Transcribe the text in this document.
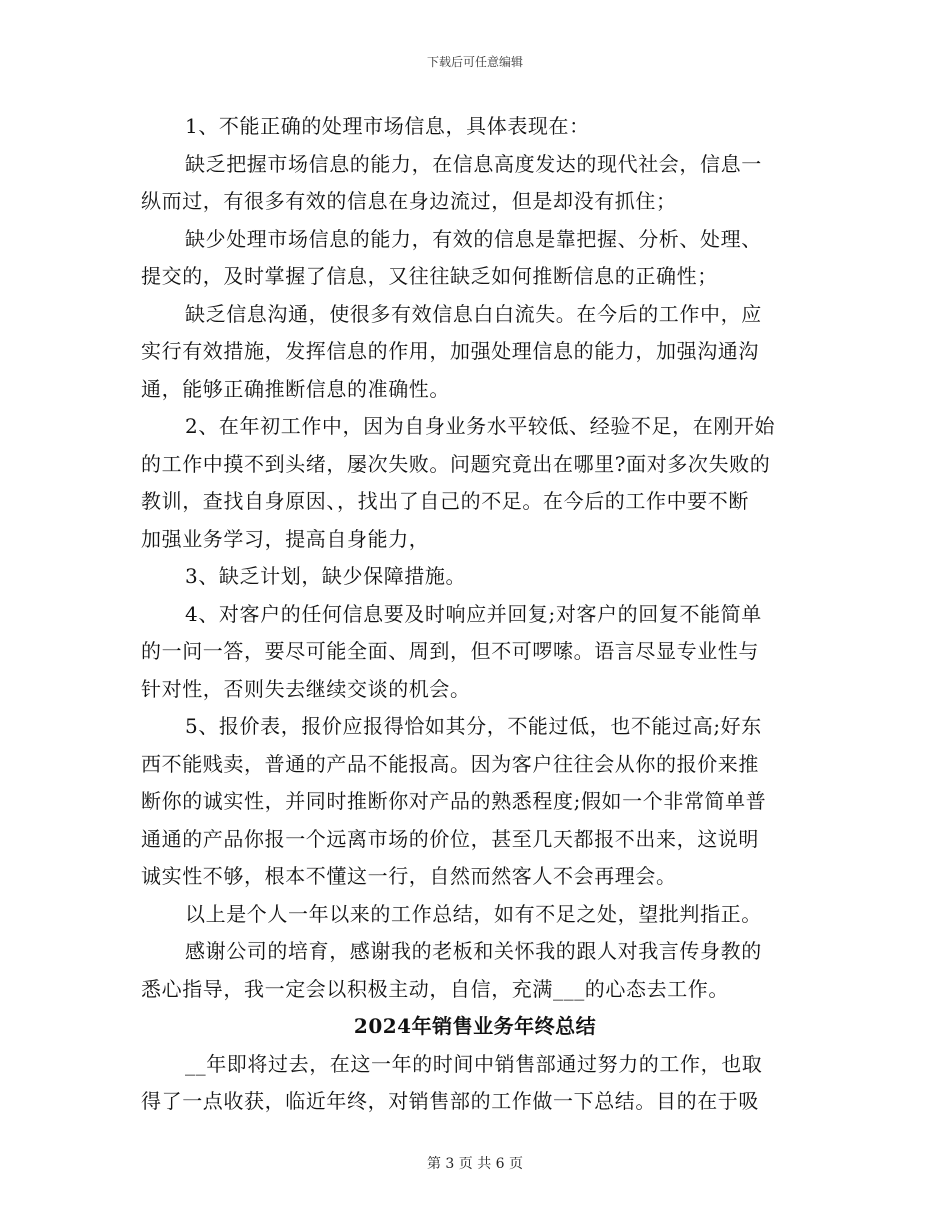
下载后可任意编辑
1、不能正确的处理市场信息，具体表现在：
缺乏把握市场信息的能力，在信息高度发达的现代社会，信息一
纵而过，有很多有效的信息在身边流过，但是却没有抓住；
缺少处理市场信息的能力，有效的信息是靠把握、分析、处理、
提交的，及时掌握了信息，又往往缺乏如何推断信息的正确性；
缺乏信息沟通，使很多有效信息白白流失。在今后的工作中，应
实行有效措施，发挥信息的作用，加强处理信息的能力，加强沟通沟
通，能够正确推断信息的准确性。
2、在年初工作中，因为自身业务水平较低、经验不足，在刚开始
的工作中摸不到头绪，屡次失败。问题究竟出在哪里?面对多次失败的
教训，查找自身原因、，找出了自己的不足。在今后的工作中要不断
加强业务学习，提高自身能力，
3、缺乏计划，缺少保障措施。
4、对客户的任何信息要及时响应并回复;对客户的回复不能简单
的一问一答，要尽可能全面、周到，但不可啰嗦。语言尽显专业性与
针对性，否则失去继续交谈的机会。
5、报价表，报价应报得恰如其分，不能过低，也不能过高;好东
西不能贱卖，普通的产品不能报高。因为客户往往会从你的报价来推
断你的诚实性，并同时推断你对产品的熟悉程度;假如一个非常简单普
通通的产品你报一个远离市场的价位，甚至几天都报不出来，这说明
诚实性不够，根本不懂这一行，自然而然客人不会再理会。
以上是个人一年以来的工作总结，如有不足之处，望批判指正。
感谢公司的培育，感谢我的老板和关怀我的跟人对我言传身教的
悉心指导，我一定会以积极主动，自信，充满___的心态去工作。
2024年销售业务年终总结
__年即将过去，在这一年的时间中销售部通过努力的工作，也取
得了一点收获，临近年终，对销售部的工作做一下总结。目的在于吸
第 3 页 共 6 页
